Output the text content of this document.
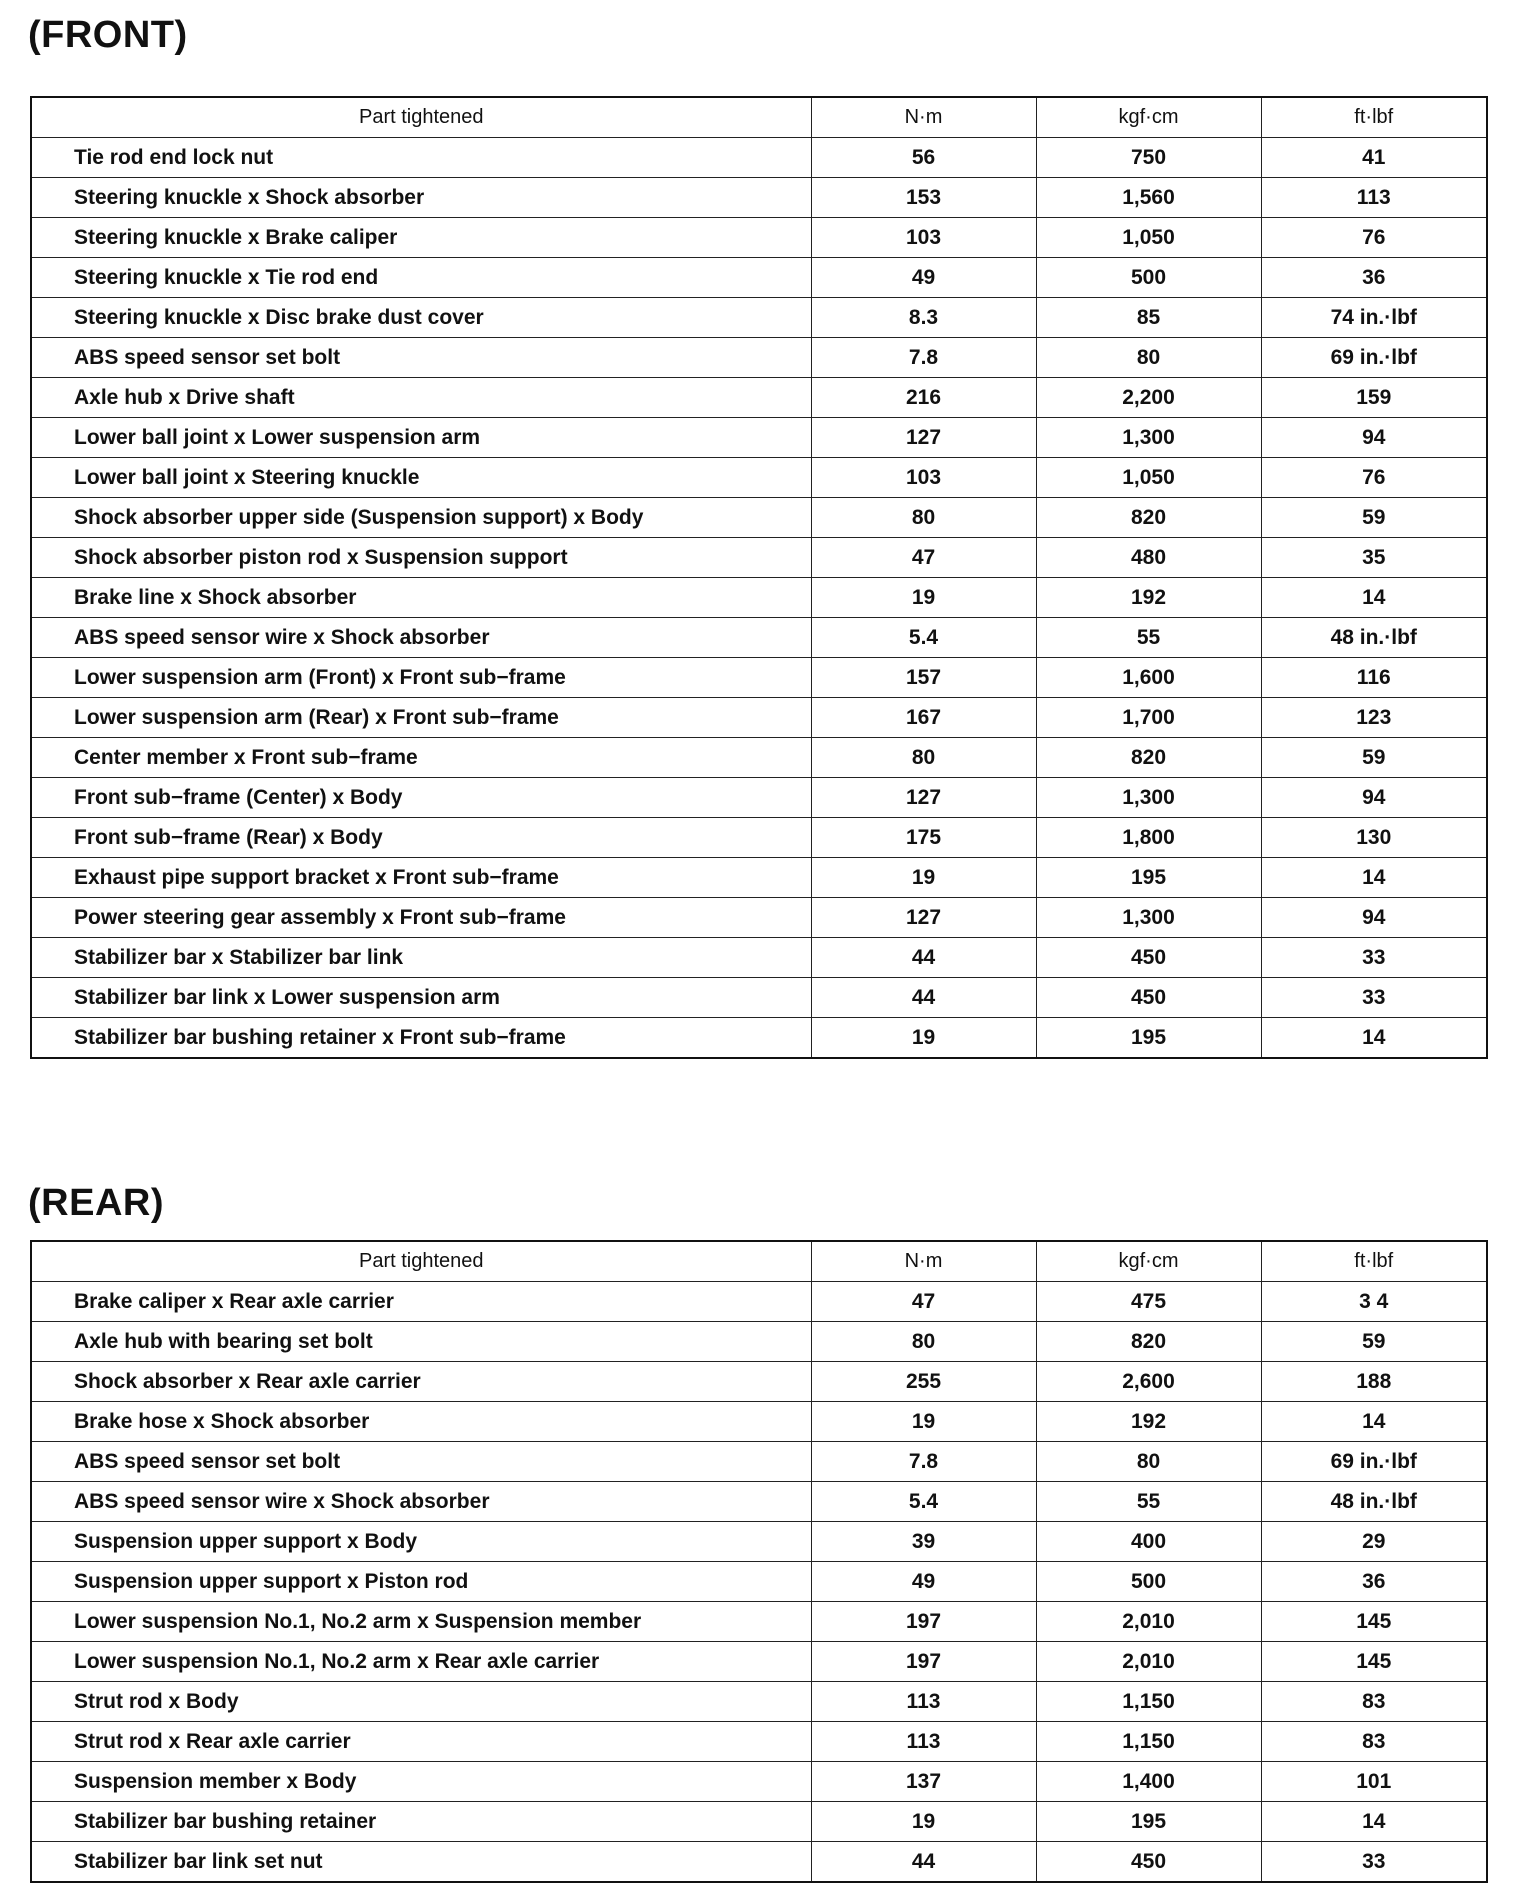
(FRONT)
Part tightened	N·m	kgf·cm	ft·lbf
Tie rod end lock nut	56	750	41
Steering knuckle x Shock absorber	153	1,560	113
Steering knuckle x Brake caliper	103	1,050	76
Steering knuckle x Tie rod end	49	500	36
Steering knuckle x Disc brake dust cover	8.3	85	74 in.·lbf
ABS speed sensor set bolt	7.8	80	69 in.·lbf
Axle hub x Drive shaft	216	2,200	159
Lower ball joint x Lower suspension arm	127	1,300	94
Lower ball joint x Steering knuckle	103	1,050	76
Shock absorber upper side (Suspension support) x Body	80	820	59
Shock absorber piston rod x Suspension support	47	480	35
Brake line x Shock absorber	19	192	14
ABS speed sensor wire x Shock absorber	5.4	55	48 in.·lbf
Lower suspension arm (Front) x Front sub−frame	157	1,600	116
Lower suspension arm (Rear) x Front sub−frame	167	1,700	123
Center member x Front sub−frame	80	820	59
Front sub−frame (Center) x Body	127	1,300	94
Front sub−frame (Rear) x Body	175	1,800	130
Exhaust pipe support bracket x Front sub−frame	19	195	14
Power steering gear assembly x Front sub−frame	127	1,300	94
Stabilizer bar x Stabilizer bar link	44	450	33
Stabilizer bar link x Lower suspension arm	44	450	33
Stabilizer bar bushing retainer x Front sub−frame	19	195	14
(REAR)
Part tightened	N·m	kgf·cm	ft·lbf
Brake caliper x Rear axle carrier	47	475	3 4
Axle hub with bearing set bolt	80	820	59
Shock absorber x Rear axle carrier	255	2,600	188
Brake hose x Shock absorber	19	192	14
ABS speed sensor set bolt	7.8	80	69 in.·lbf
ABS speed sensor wire x Shock absorber	5.4	55	48 in.·lbf
Suspension upper support x Body	39	400	29
Suspension upper support x Piston rod	49	500	36
Lower suspension No.1, No.2 arm x Suspension member	197	2,010	145
Lower suspension No.1, No.2 arm x Rear axle carrier	197	2,010	145
Strut rod x Body	113	1,150	83
Strut rod x Rear axle carrier	113	1,150	83
Suspension member x Body	137	1,400	101
Stabilizer bar bushing retainer	19	195	14
Stabilizer bar link set nut	44	450	33
